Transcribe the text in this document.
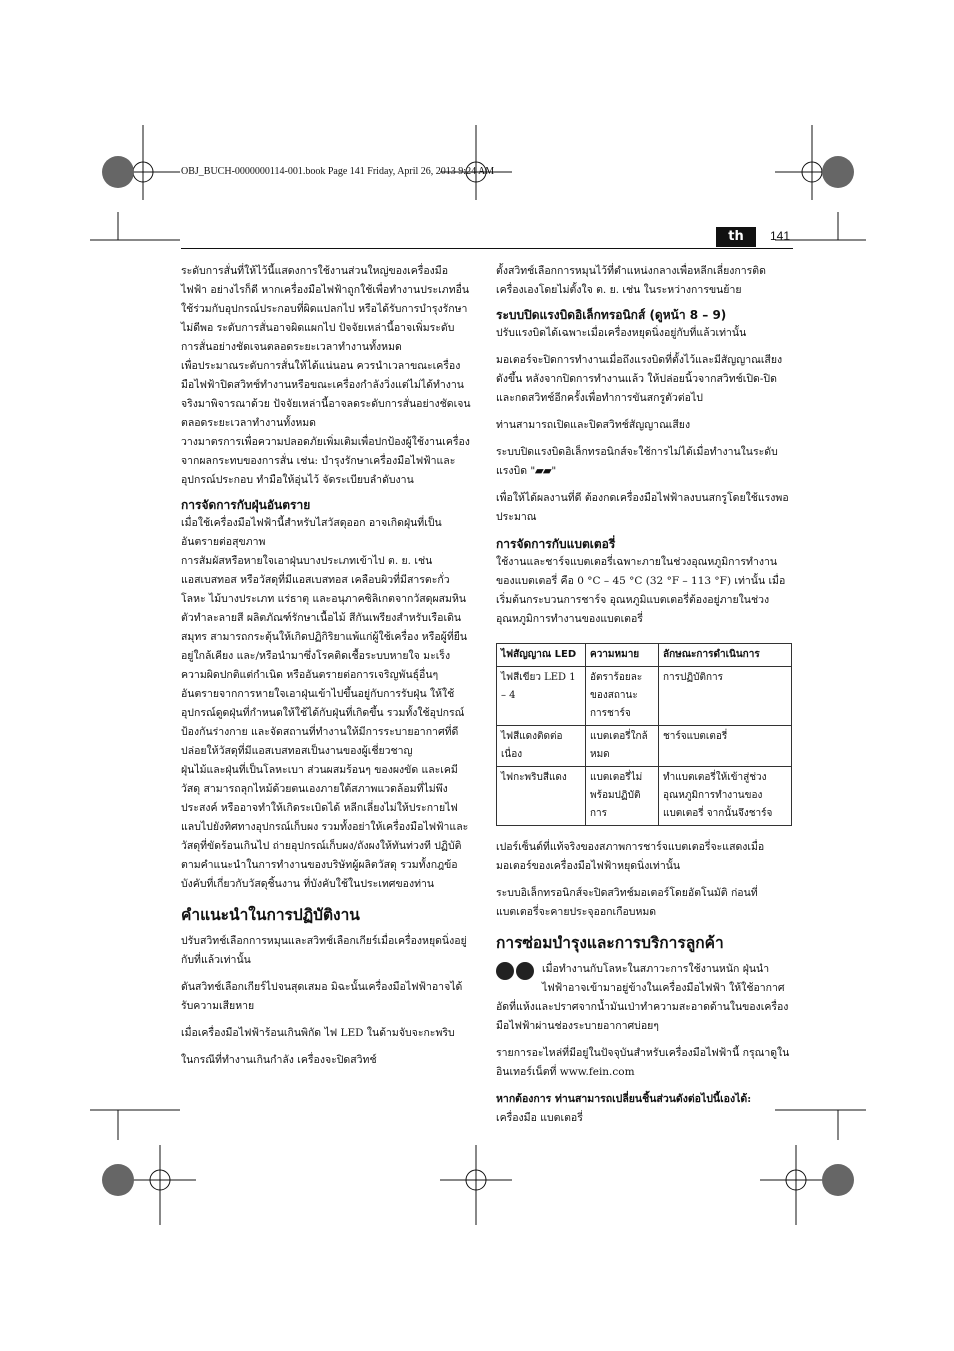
OBJ_BUCH-0000000114-001.book Page 141 Friday, April 26, 2013 9:24 AM
th	141

ระดับการสั่นที่ให้ไว้นี้แสดงการใช้งานส่วนใหญ่ของเครื่องมือไฟฟ้า อย่างไรก็ดี หากเครื่องมือไฟฟ้าถูกใช้เพื่อทำงานประเภทอื่น ใช้ร่วมกับอุปกรณ์ประกอบที่ผิดแปลกไป หรือได้รับการบำรุงรักษาไม่ดีพอ ระดับการสั่นอาจผิดแผกไป ปัจจัยเหล่านี้อาจเพิ่มระดับการสั่นอย่างชัดเจนตลอดระยะเวลาทำงานทั้งหมด

เพื่อประมาณระดับการสั่นให้ได้แน่นอน ควรนำเวลาขณะเครื่องมือไฟฟ้าปิดสวิทช์ทำงานหรือขณะเครื่องกำลังวิ่งแต่ไม่ได้ทำงานจริงมาพิจารณาด้วย ปัจจัยเหล่านี้อาจลดระดับการสั่นอย่างชัดเจนตลอดระยะเวลาทำงานทั้งหมด

วางมาตรการเพื่อความปลอดภัยเพิ่มเติมเพื่อปกป้องผู้ใช้งานเครื่องจากผลกระทบของการสั่น เช่น: บำรุงรักษาเครื่องมือไฟฟ้าและอุปกรณ์ประกอบ ทำมือให้อุ่นไว้ จัดระเบียบลำดับงาน

การจัดการกับฝุ่นอันตราย

เมื่อใช้เครื่องมือไฟฟ้านี้สำหรับไสวัสดุออก อาจเกิดฝุ่นที่เป็นอันตรายต่อสุขภาพ

การสัมผัสหรือหายใจเอาฝุ่นบางประเภทเข้าไป ต. ย. เช่น แอสเบสทอส หรือวัสดุที่มีแอสเบสทอส เคลือบผิวที่มีสารตะกั่ว โลหะ ไม้บางประเภท แร่ธาตุ และอนุภาคซิลิเกตจากวัสดุผสมหิน ตัวทำละลายสี ผลิตภัณฑ์รักษาเนื้อไม้ สีกันเพรียงสำหรับเรือเดินสมุทร สามารถกระตุ้นให้เกิดปฏิกิริยาแพ้แก่ผู้ใช้เครื่อง หรือผู้ที่ยืนอยู่ใกล้เคียง และ/หรือนำมาซึ่งโรคติดเชื้อระบบหายใจ มะเร็ง ความผิดปกติแต่กำเนิด หรืออันตรายต่อการเจริญพันธุ์อื่นๆ อันตรายจากการหายใจเอาฝุ่นเข้าไปขึ้นอยู่กับการรับฝุ่น ให้ใช้อุปกรณ์ดูดฝุ่นที่กำหนดให้ใช้ได้กับฝุ่นที่เกิดขึ้น รวมทั้งใช้อุปกรณ์ป้องกันร่างกาย และจัดสถานที่ทำงานให้มีการระบายอากาศที่ดี ปล่อยให้วัสดุที่มีแอสเบสทอสเป็นงานของผู้เชี่ยวชาญ

ฝุ่นไม้และฝุ่นที่เป็นโลหะเบา ส่วนผสมร้อนๆ ของผงขัด และเคมีวัสดุ สามารถลุกไหม้ด้วยตนเองภายใต้สภาพแวดล้อมที่ไม่พึงประสงค์ หรืออาจทำให้เกิดระเบิดได้ หลีกเลี่ยงไม่ให้ประกายไฟแลบไปยังทิศทางอุปกรณ์เก็บผง รวมทั้งอย่าให้เครื่องมือไฟฟ้าและวัสดุที่ขัดร้อนเกินไป ถ่ายอุปกรณ์เก็บผง/ถังผงให้ทันท่วงที ปฏิบัติตามคำแนะนำในการทำงานของบริษัทผู้ผลิตวัสดุ รวมทั้งกฎข้อบังคับที่เกี่ยวกับวัสดุชิ้นงาน ที่บังคับใช้ในประเทศของท่าน

คำแนะนำในการปฏิบัติงาน

ปรับสวิทช์เลือกการหมุนและสวิทช์เลือกเกียร์เมื่อเครื่องหยุดนิ่งอยู่กับที่แล้วเท่านั้น

ดันสวิทช์เลือกเกียร์ไปจนสุดเสมอ มิฉะนั้นเครื่องมือไฟฟ้าอาจได้รับความเสียหาย

เมื่อเครื่องมือไฟฟ้าร้อนเกินพิกัด ไฟ LED ในด้ามจับจะกะพริบ

ในกรณีที่ทำงานเกินกำลัง เครื่องจะปิดสวิทช์

ตั้งสวิทช์เลือกการหมุนไว้ที่ตำแหน่งกลางเพื่อหลีกเลี่ยงการติดเครื่องเองโดยไม่ตั้งใจ ต. ย. เช่น ในระหว่างการขนย้าย

ระบบปิดแรงบิดอิเล็กทรอนิกส์ (ดูหน้า 8 – 9)

ปรับแรงบิดได้เฉพาะเมื่อเครื่องหยุดนิ่งอยู่กับที่แล้วเท่านั้น

มอเตอร์จะปิดการทำงานเมื่อถึงแรงบิดที่ตั้งไว้และมีสัญญาณเสียงดังขึ้น หลังจากปิดการทำงานแล้ว ให้ปล่อยนิ้วจากสวิทช์เปิด-ปิด และกดสวิทช์อีกครั้งเพื่อทำการขันสกรูตัวต่อไป

ท่านสามารถเปิดและปิดสวิทช์สัญญาณเสียง

ระบบปิดแรงบิดอิเล็กทรอนิกส์จะใช้การไม่ได้เมื่อทำงานในระดับแรงบิด "▰▰"

เพื่อให้ได้ผลงานที่ดี ต้องกดเครื่องมือไฟฟ้าลงบนสกรูโดยใช้แรงพอประมาณ

การจัดการกับแบตเตอรี่

ใช้งานและชาร์จแบตเตอรี่เฉพาะภายในช่วงอุณหภูมิการทำงานของแบตเตอรี่ คือ 0 °C – 45 °C (32 °F – 113 °F) เท่านั้น เมื่อเริ่มต้นกระบวนการชาร์จ อุณหภูมิแบตเตอรี่ต้องอยู่ภายในช่วงอุณหภูมิการทำงานของแบตเตอรี่

ไฟสัญญาณ LED	ความหมาย	ลักษณะการดำเนินการ
ไฟสีเขียว LED 1 – 4	อัตราร้อยละของสถานะการชาร์จ	การปฏิบัติการ
ไฟสีแดงติดต่อเนื่อง	แบตเตอรี่ใกล้หมด	ชาร์จแบตเตอรี่
ไฟกะพริบสีแดง	แบตเตอรี่ไม่พร้อมปฏิบัติการ	ทำแบตเตอรี่ให้เข้าสู่ช่วงอุณหภูมิการทำงานของแบตเตอรี่ จากนั้นจึงชาร์จ

เปอร์เซ็นต์ที่แท้จริงของสภาพการชาร์จแบตเตอรี่จะแสดงเมื่อมอเตอร์ของเครื่องมือไฟฟ้าหยุดนิ่งเท่านั้น

ระบบอิเล็กทรอนิกส์จะปิดสวิทช์มอเตอร์โดยอัตโนมัติ ก่อนที่แบตเตอรี่จะคายประจุออกเกือบหมด

การซ่อมบำรุงและการบริการลูกค้า

เมื่อทำงานกับโลหะในสภาวะการใช้งานหนัก ฝุ่นนำไฟฟ้าอาจเข้ามาอยู่ข้างในเครื่องมือไฟฟ้า ให้ใช้อากาศอัดที่แห้งและปราศจากน้ำมันเป่าทำความสะอาดด้านในของเครื่องมือไฟฟ้าผ่านช่องระบายอากาศบ่อยๆ

รายการอะไหล่ที่มีอยู่ในปัจจุบันสำหรับเครื่องมือไฟฟ้านี้ กรุณาดูในอินเทอร์เน็ตที่ www.fein.com

หากต้องการ ท่านสามารถเปลี่ยนชิ้นส่วนดังต่อไปนี้เองได้:

เครื่องมือ แบตเตอรี่
